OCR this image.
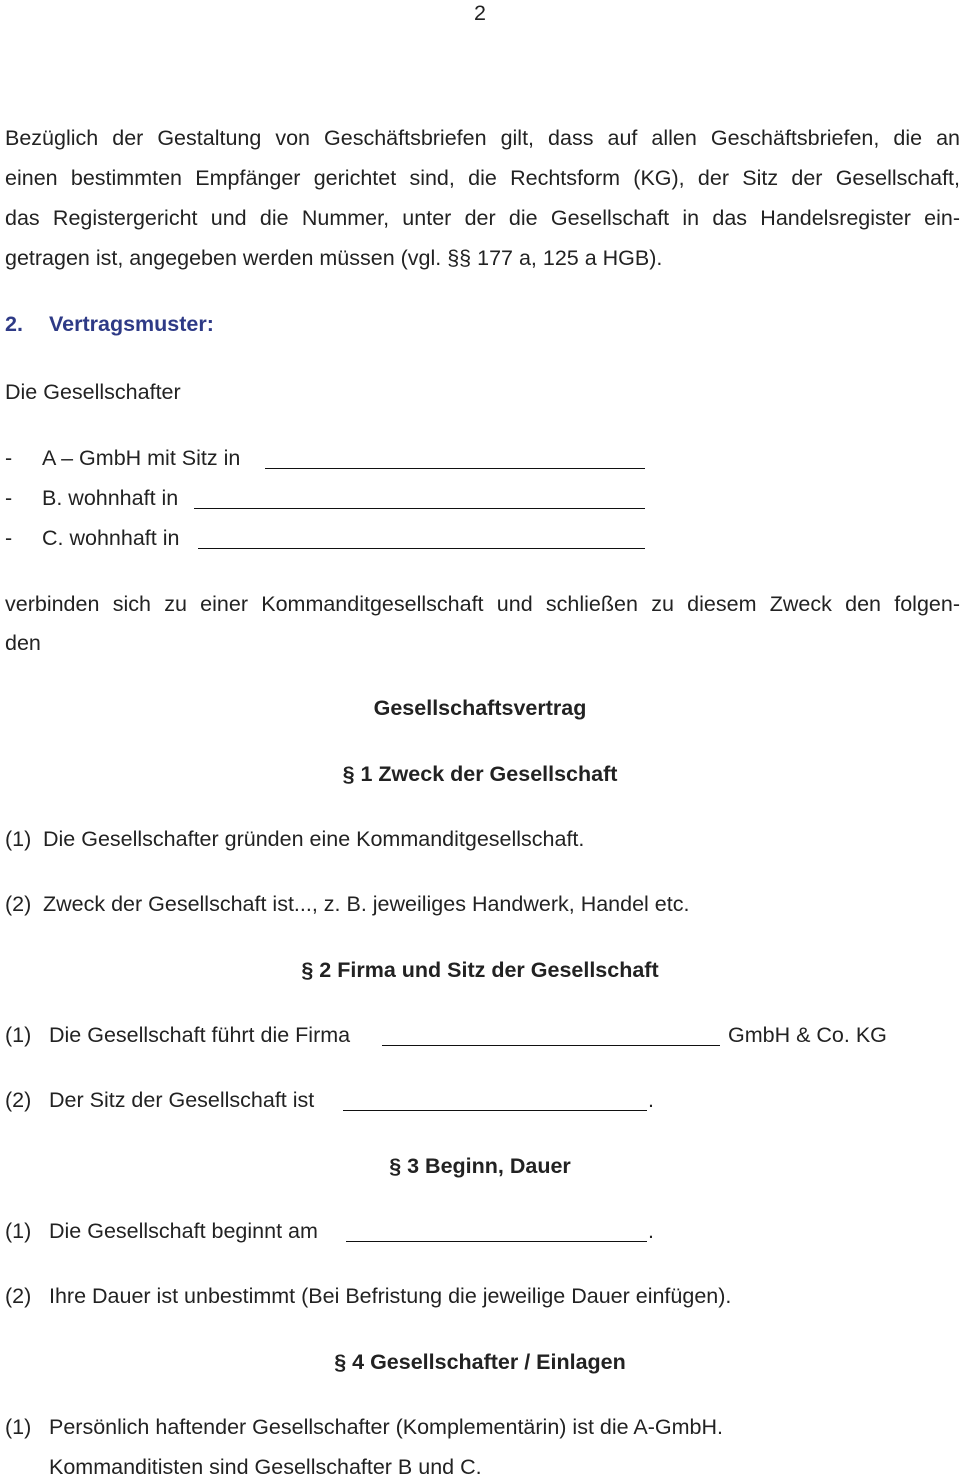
2
Bezüglich der Gestaltung von Geschäftsbriefen gilt, dass auf allen Geschäftsbriefen, die an
einen bestimmten Empfänger gerichtet sind, die Rechtsform (KG), der Sitz der Gesellschaft,
das Registergericht und die Nummer, unter der die Gesellschaft in das Handelsregister ein-
getragen ist, angegeben werden müssen (vgl. §§ 177 a, 125 a HGB).
2. Vertragsmuster:
Die Gesellschafter
- A – GmbH mit Sitz in
- B. wohnhaft in
- C. wohnhaft in
verbinden sich zu einer Kommanditgesellschaft und schließen zu diesem Zweck den folgen-
den
Gesellschaftsvertrag
§ 1 Zweck der Gesellschaft
(1) Die Gesellschafter gründen eine Kommanditgesellschaft.
(2) Zweck der Gesellschaft ist..., z. B. jeweiliges Handwerk, Handel etc.
§ 2 Firma und Sitz der Gesellschaft
(1) Die Gesellschaft führt die Firma	GmbH & Co. KG
(2) Der Sitz der Gesellschaft ist	.
§ 3 Beginn, Dauer
(1) Die Gesellschaft beginnt am	.
(2) Ihre Dauer ist unbestimmt (Bei Befristung die jeweilige Dauer einfügen).
§ 4 Gesellschafter / Einlagen
(1) Persönlich haftender Gesellschafter (Komplementärin) ist die A-GmbH.
Kommanditisten sind Gesellschafter B und C.
